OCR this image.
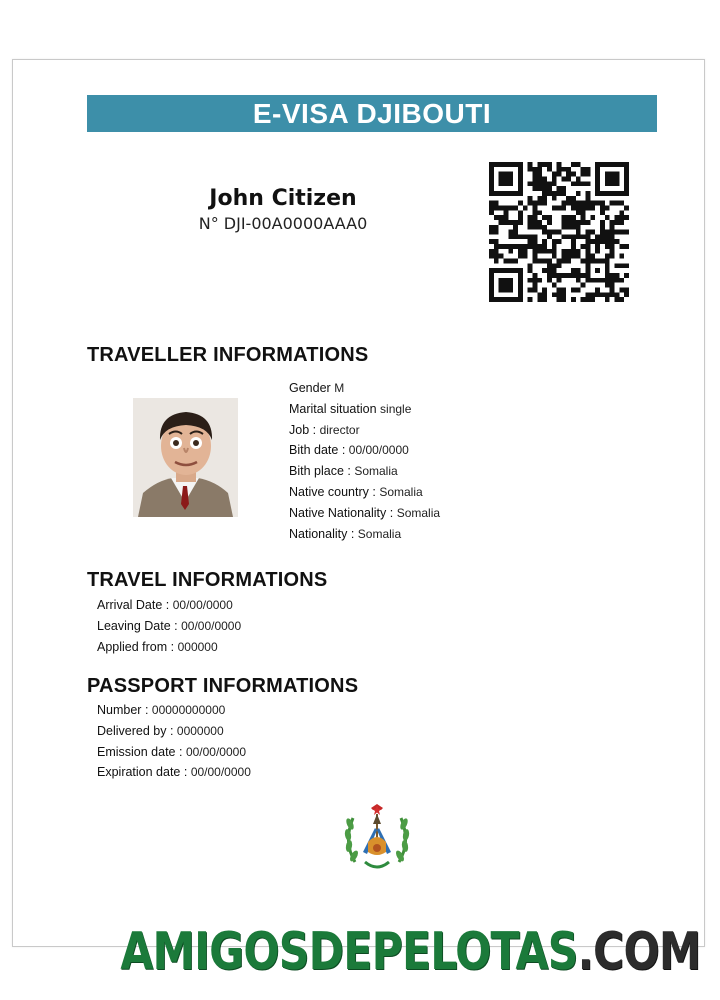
E-VISA DJIBOUTI
John Citizen
N° DJI-00A0000AAA0
TRAVELLER INFORMATIONS
Gender M
Marital situation single
Job : director
Bith date : 00/00/0000
Bith place : Somalia
Native country : Somalia
Native Nationality : Somalia
Nationality : Somalia
TRAVEL INFORMATIONS
Arrival Date : 00/00/0000
Leaving Date : 00/00/0000
Applied from : 000000
PASSPORT INFORMATIONS
Number : 00000000000
Delivered by : 0000000
Emission date : 00/00/0000
Expiration date : 00/00/0000
AMIGOSDEPELOTAS.COM
